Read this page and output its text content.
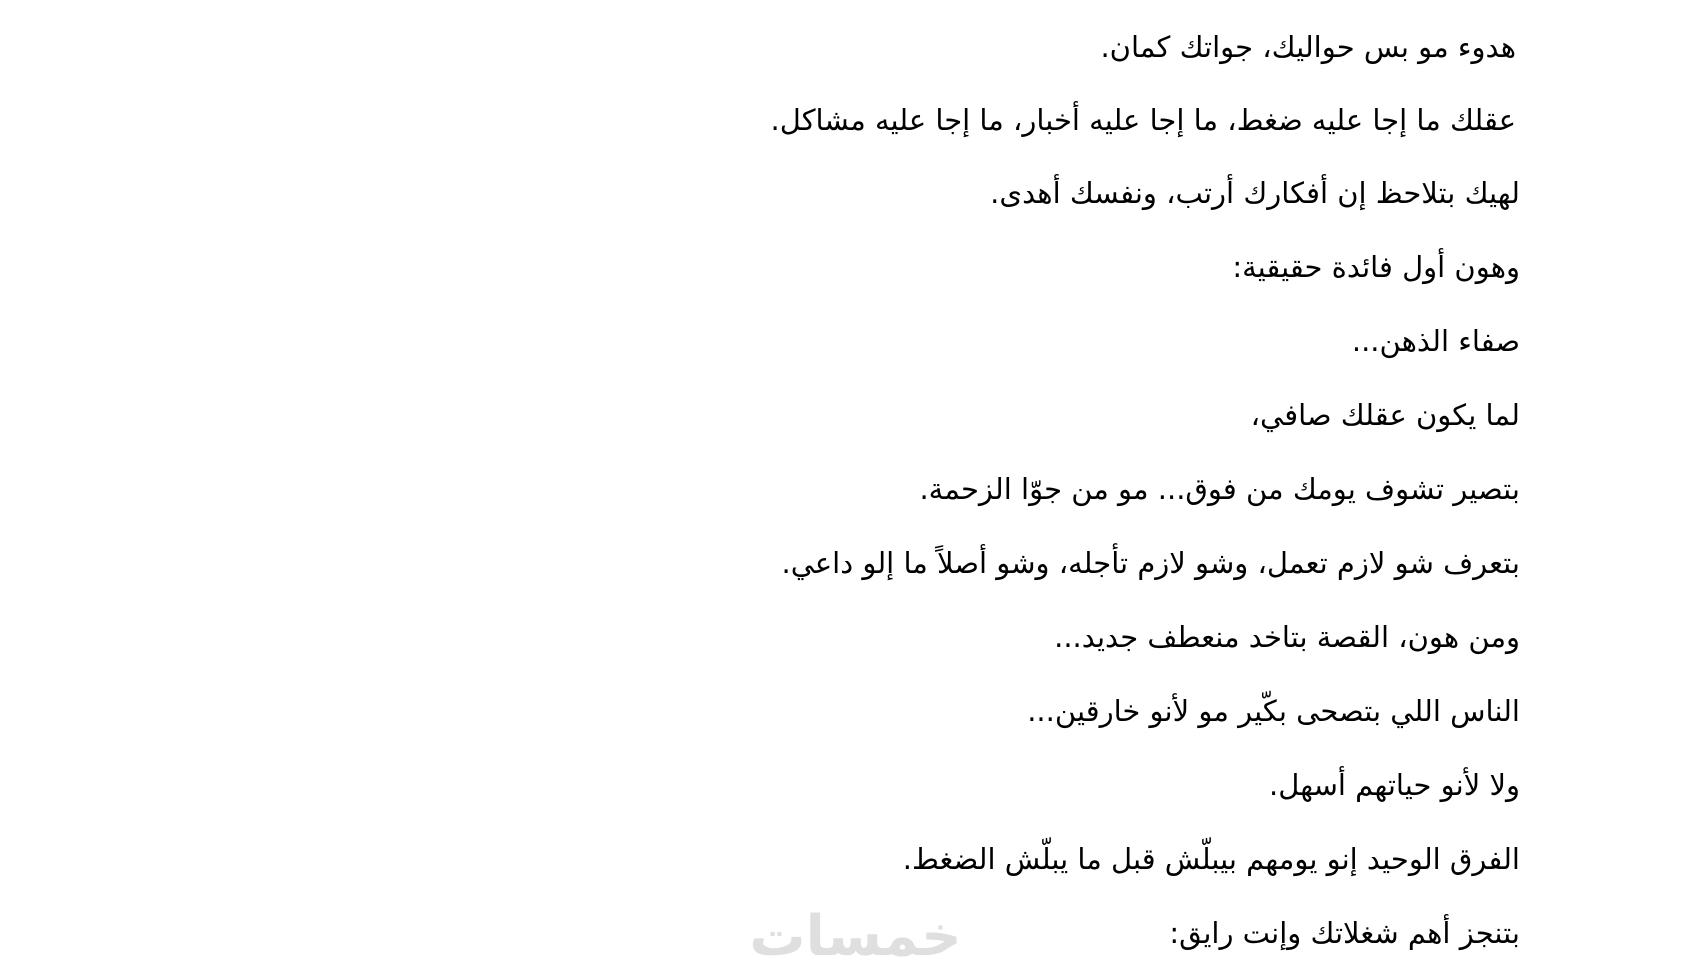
هدوء مو بس حواليك، جواتك كمان.
عقلك ما إجا عليه ضغط، ما إجا عليه أخبار، ما إجا عليه مشاكل.
لهيك بتلاحظ إن أفكارك أرتب، ونفسك أهدى.
وهون أول فائدة حقيقية:
صفاء الذهن...
لما يكون عقلك صافي،
بتصير تشوف يومك من فوق... مو من جوّا الزحمة.
بتعرف شو لازم تعمل، وشو لازم تأجله، وشو أصلاً ما إلو داعي.
ومن هون، القصة بتاخد منعطف جديد...
الناس اللي بتصحى بكّير مو لأنو خارقين...
ولا لأنو حياتهم أسهل.
الفرق الوحيد إنو يومهم بيبلّش قبل ما يبلّش الضغط.
بتنجز أهم شغلاتك وإنت رايق:
خمسات
